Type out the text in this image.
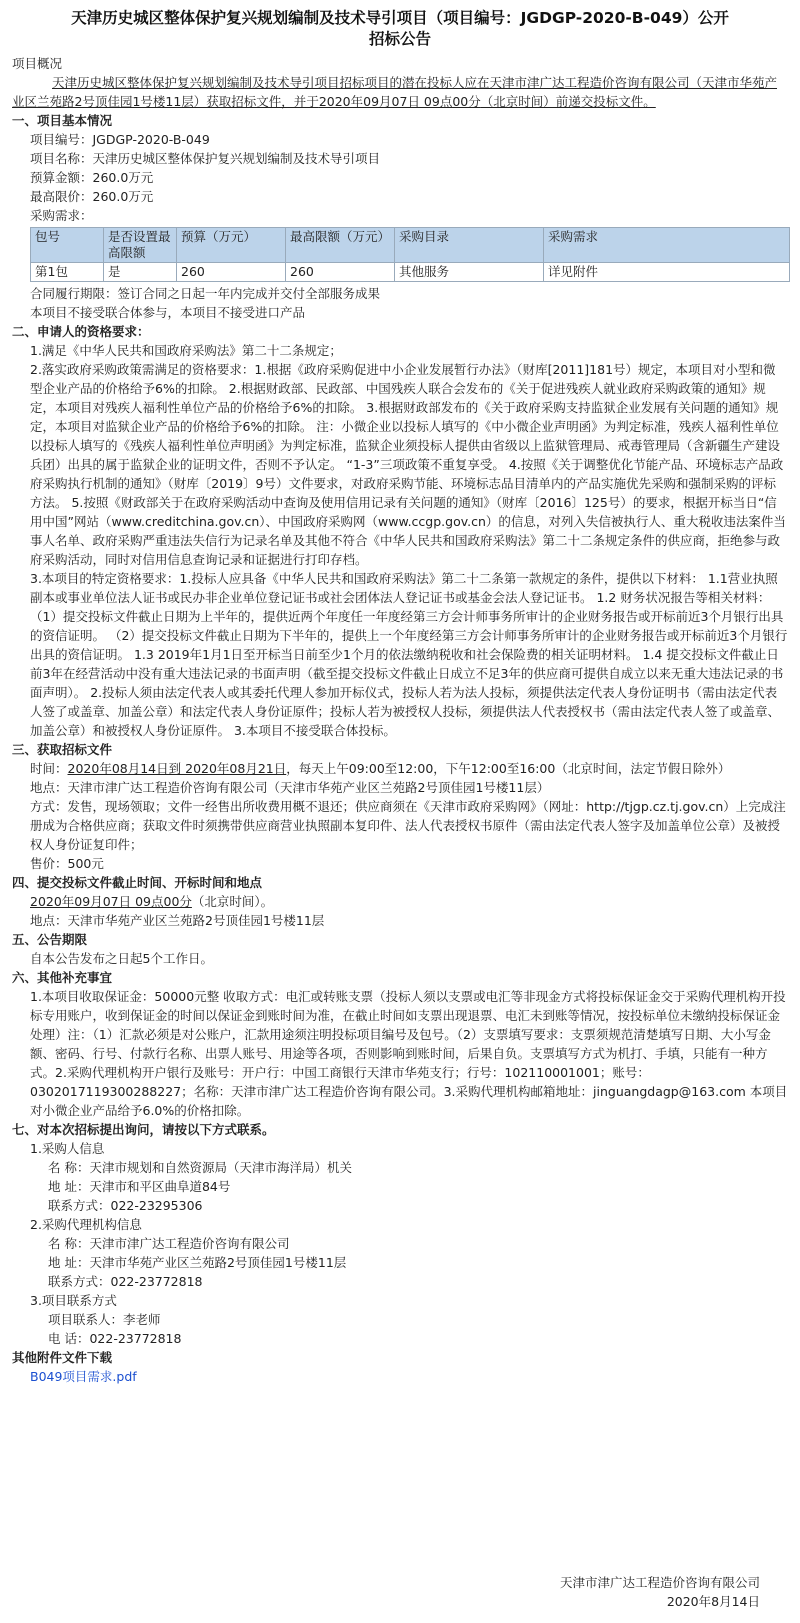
天津历史城区整体保护复兴规划编制及技术导引项目（项目编号：JGDGP-2020-B-049）公开
招标公告
项目概况
天津历史城区整体保护复兴规划编制及技术导引项目招标项目的潜在投标人应在天津市津广达工程造价咨询有限公司（天津市华苑产业区兰苑路2号顶佳园1号楼11层）获取招标文件，并于2020年09月07日 09点00分（北京时间）前递交投标文件。
一、项目基本情况
项目编号：JGDGP-2020-B-049
项目名称：天津历史城区整体保护复兴规划编制及技术导引项目
预算金额：260.0万元
最高限价：260.0万元
采购需求：
包号	是否设置最高限额	预算（万元）	最高限额（万元）	采购目录	采购需求
第1包	是	260	260	其他服务	详见附件
合同履行期限：签订合同之日起一年内完成并交付全部服务成果
本项目不接受联合体参与，本项目不接受进口产品
二、申请人的资格要求：
1.满足《中华人民共和国政府采购法》第二十二条规定；
2.落实政府采购政策需满足的资格要求：1.根据《政府采购促进中小企业发展暂行办法》（财库[2011]181号）规定，本项目对小型和微型企业产品的价格给予6%的扣除。 2.根据财政部、民政部、中国残疾人联合会发布的《关于促进残疾人就业政府采购政策的通知》规定，本项目对残疾人福利性单位产品的价格给予6%的扣除。 3.根据财政部发布的《关于政府采购支持监狱企业发展有关问题的通知》规定，本项目对监狱企业产品的价格给予6%的扣除。 注：小微企业以投标人填写的《中小微企业声明函》为判定标准，残疾人福利性单位以投标人填写的《残疾人福利性单位声明函》为判定标准，监狱企业须投标人提供由省级以上监狱管理局、戒毒管理局（含新疆生产建设兵团）出具的属于监狱企业的证明文件，否则不予认定。 “1-3”三项政策不重复享受。 4.按照《关于调整优化节能产品、环境标志产品政府采购执行机制的通知》（财库〔2019〕9号）文件要求，对政府采购节能、环境标志品目清单内的产品实施优先采购和强制采购的评标方法。 5.按照《财政部关于在政府采购活动中查询及使用信用记录有关问题的通知》（财库〔2016〕125号）的要求，根据开标当日“信用中国”网站（www.creditchina.gov.cn）、中国政府采购网（www.ccgp.gov.cn）的信息，对列入失信被执行人、重大税收违法案件当事人名单、政府采购严重违法失信行为记录名单及其他不符合《中华人民共和国政府采购法》第二十二条规定条件的供应商，拒绝参与政府采购活动，同时对信用信息查询记录和证据进行打印存档。
3.本项目的特定资格要求：1.投标人应具备《中华人民共和国政府采购法》第二十二条第一款规定的条件，提供以下材料： 1.1营业执照副本或事业单位法人证书或民办非企业单位登记证书或社会团体法人登记证书或基金会法人登记证书。 1.2 财务状况报告等相关材料：（1）提交投标文件截止日期为上半年的，提供近两个年度任一年度经第三方会计师事务所审计的企业财务报告或开标前近3个月银行出具的资信证明。 （2）提交投标文件截止日期为下半年的，提供上一个年度经第三方会计师事务所审计的企业财务报告或开标前近3个月银行出具的资信证明。 1.3 2019年1月1日至开标当日前至少1个月的依法缴纳税收和社会保险费的相关证明材料。 1.4 提交投标文件截止日前3年在经营活动中没有重大违法记录的书面声明（截至提交投标文件截止日成立不足3年的供应商可提供自成立以来无重大违法记录的书面声明）。 2.投标人须由法定代表人或其委托代理人参加开标仪式，投标人若为法人投标，须提供法定代表人身份证明书（需由法定代表人签了或盖章、加盖公章）和法定代表人身份证原件；投标人若为被授权人投标，须提供法人代表授权书（需由法定代表人签了或盖章、加盖公章）和被授权人身份证原件。 3.本项目不接受联合体投标。
三、获取招标文件
时间：2020年08月14日到 2020年08月21日，每天上午09:00至12:00，下午12:00至16:00（北京时间，法定节假日除外）
地点：天津市津广达工程造价咨询有限公司（天津市华苑产业区兰苑路2号顶佳园1号楼11层）
方式：发售，现场领取；文件一经售出所收费用概不退还；供应商须在《天津市政府采购网》（网址：http://tjgp.cz.tj.gov.cn）上完成注册成为合格供应商；获取文件时须携带供应商营业执照副本复印件、法人代表授权书原件（需由法定代表人签字及加盖单位公章）及被授权人身份证复印件；
售价：500元
四、提交投标文件截止时间、开标时间和地点
2020年09月07日 09点00分（北京时间）。
地点：天津市华苑产业区兰苑路2号顶佳园1号楼11层
五、公告期限
自本公告发布之日起5个工作日。
六、其他补充事宜
1.本项目收取保证金：50000元整 收取方式：电汇或转账支票（投标人须以支票或电汇等非现金方式将投标保证金交于采购代理机构开投标专用账户，收到保证金的时间以保证金到账时间为准，在截止时间如支票出现退票、电汇未到账等情况，按投标单位未缴纳投标保证金处理）注：（1）汇款必须是对公账户，汇款用途须注明投标项目编号及包号。（2）支票填写要求：支票须规范清楚填写日期、大小写金额、密码、行号、付款行名称、出票人账号、用途等各项，否则影响到账时间，后果自负。支票填写方式为机打、手填，只能有一种方式。2.采购代理机构开户银行及账号：开户行：中国工商银行天津市华苑支行；行号：102110001001；账号：0302017119300288227；名称：天津市津广达工程造价咨询有限公司。3.采购代理机构邮箱地址：jinguangdagp@163.com 本项目对小微企业产品给予6.0%的价格扣除。
七、对本次招标提出询问，请按以下方式联系。
1.采购人信息
名 称：天津市规划和自然资源局（天津市海洋局）机关
地 址：天津市和平区曲阜道84号
联系方式：022-23295306
2.采购代理机构信息
名 称：天津市津广达工程造价咨询有限公司
地 址：天津市华苑产业区兰苑路2号顶佳园1号楼11层
联系方式：022-23772818
3.项目联系方式
项目联系人：李老师
电 话：022-23772818
其他附件文件下载
B049项目需求.pdf
天津市津广达工程造价咨询有限公司
2020年8月14日
